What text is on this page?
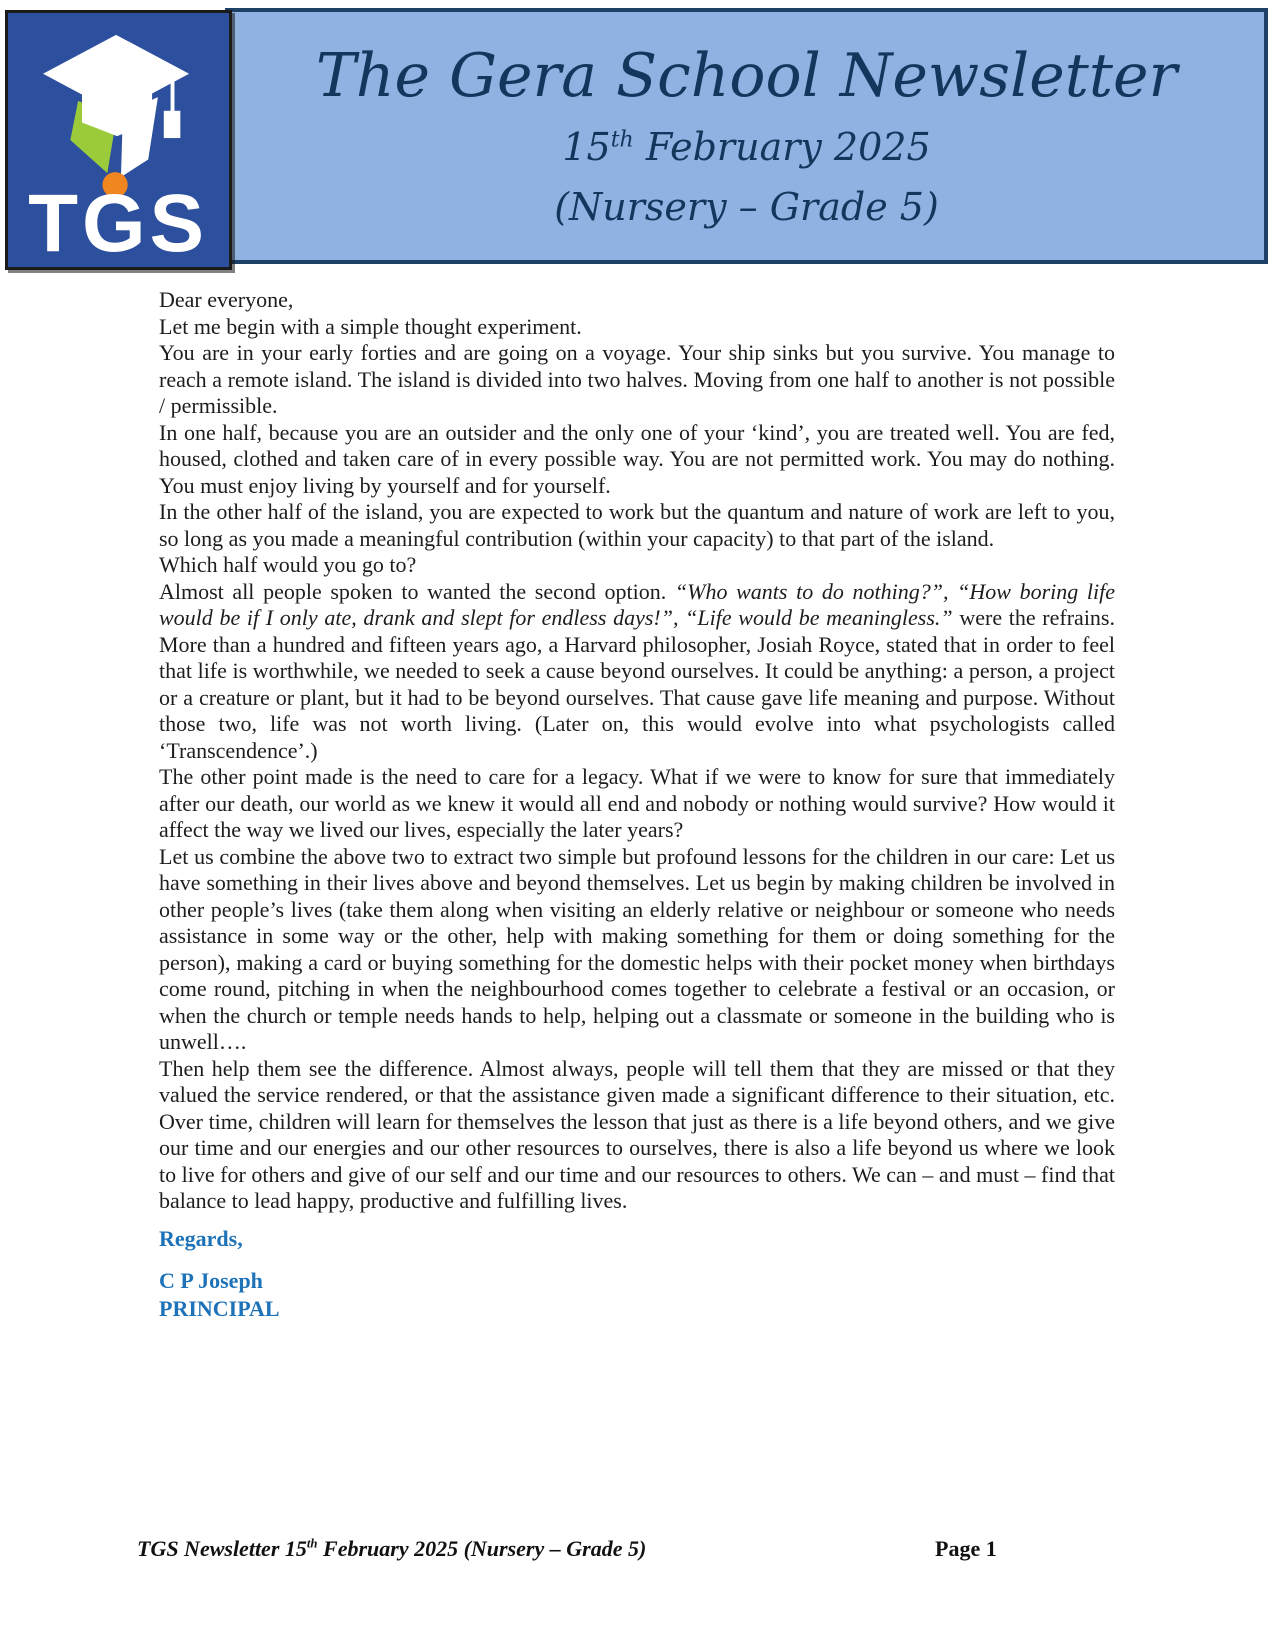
The Gera School Newsletter
15th February 2025
(Nursery – Grade 5)
TGS

Dear everyone,

Let me begin with a simple thought experiment.

You are in your early forties and are going on a voyage. Your ship sinks but you survive. You manage to reach a remote island. The island is divided into two halves. Moving from one half to another is not possible / permissible.

In one half, because you are an outsider and the only one of your ‘kind’, you are treated well. You are fed, housed, clothed and taken care of in every possible way. You are not permitted work. You may do nothing. You must enjoy living by yourself and for yourself.

In the other half of the island, you are expected to work but the quantum and nature of work are left to you, so long as you made a meaningful contribution (within your capacity) to that part of the island.

Which half would you go to?

Almost all people spoken to wanted the second option. “Who wants to do nothing?”, “How boring life would be if I only ate, drank and slept for endless days!”, “Life would be meaningless.” were the refrains. More than a hundred and fifteen years ago, a Harvard philosopher, Josiah Royce, stated that in order to feel that life is worthwhile, we needed to seek a cause beyond ourselves. It could be anything: a person, a project or a creature or plant, but it had to be beyond ourselves. That cause gave life meaning and purpose. Without those two, life was not worth living. (Later on, this would evolve into what psychologists called ‘Transcendence’.)

The other point made is the need to care for a legacy. What if we were to know for sure that immediately after our death, our world as we knew it would all end and nobody or nothing would survive? How would it affect the way we lived our lives, especially the later years?

Let us combine the above two to extract two simple but profound lessons for the children in our care: Let us have something in their lives above and beyond themselves. Let us begin by making children be involved in other people’s lives (take them along when visiting an elderly relative or neighbour or someone who needs assistance in some way or the other, help with making something for them or doing something for the person), making a card or buying something for the domestic helps with their pocket money when birthdays come round, pitching in when the neighbourhood comes together to celebrate a festival or an occasion, or when the church or temple needs hands to help, helping out a classmate or someone in the building who is unwell….

Then help them see the difference. Almost always, people will tell them that they are missed or that they valued the service rendered, or that the assistance given made a significant difference to their situation, etc. Over time, children will learn for themselves the lesson that just as there is a life beyond others, and we give our time and our energies and our other resources to ourselves, there is also a life beyond us where we look to live for others and give of our self and our time and our resources to others. We can – and must – find that balance to lead happy, productive and fulfilling lives.

Regards,

C P Joseph

PRINCIPAL

TGS Newsletter 15th February 2025 (Nursery – Grade 5)	Page 1
